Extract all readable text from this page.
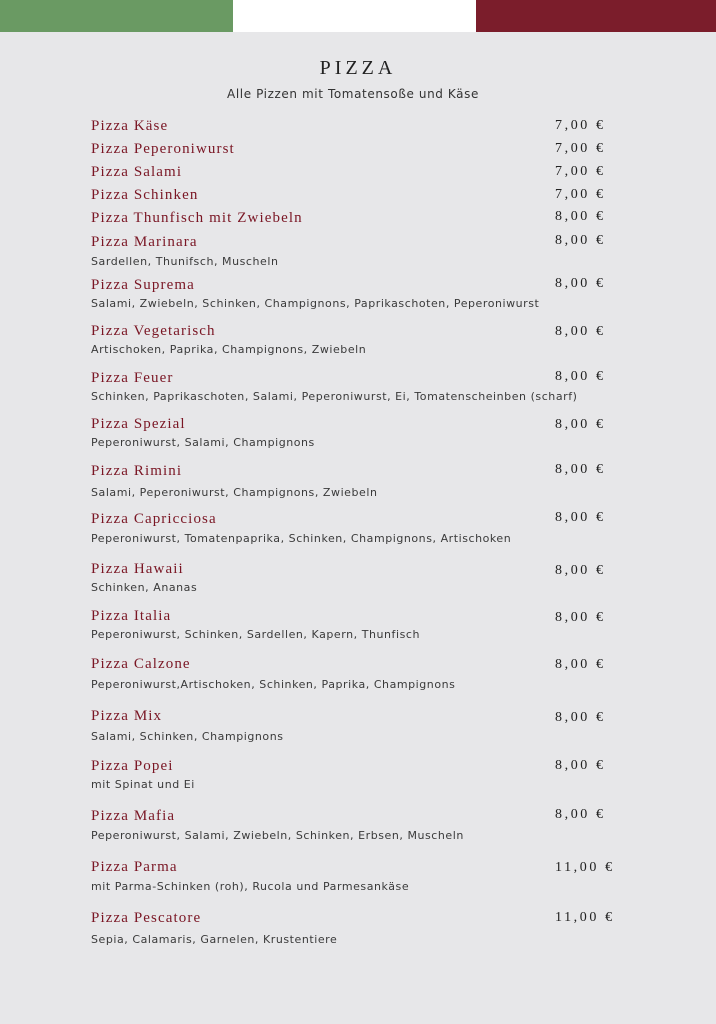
PIZZA
Alle Pizzen mit Tomatensoße und Käse
Pizza Käse	7,00 €
Pizza Peperoniwurst	7,00 €
Pizza Salami	7,00 €
Pizza Schinken	7,00 €
Pizza Thunfisch mit Zwiebeln	8,00 €
Pizza Marinara	8,00 €
Sardellen, Thunifsch, Muscheln
Pizza Suprema	8,00 €
Salami, Zwiebeln, Schinken, Champignons, Paprikaschoten, Peperoniwurst
Pizza Vegetarisch	8,00 €
Artischoken, Paprika, Champignons, Zwiebeln
Pizza Feuer	8,00 €
Schinken, Paprikaschoten, Salami, Peperoniwurst, Ei, Tomatenscheinben (scharf)
Pizza Spezial	8,00 €
Peperoniwurst, Salami, Champignons
Pizza Rimini	8,00 €
Salami, Peperoniwurst, Champignons, Zwiebeln
Pizza Capricciosa	8,00 €
Peperoniwurst, Tomatenpaprika, Schinken, Champignons, Artischoken
Pizza Hawaii	8,00 €
Schinken, Ananas
Pizza Italia	8,00 €
Peperoniwurst, Schinken, Sardellen, Kapern, Thunfisch
Pizza Calzone	8,00 €
Peperoniwurst,Artischoken, Schinken, Paprika, Champignons
Pizza Mix	8,00 €
Salami, Schinken, Champignons
Pizza Popei	8,00 €
mit Spinat und Ei
Pizza Mafia	8,00 €
Peperoniwurst, Salami, Zwiebeln, Schinken, Erbsen, Muscheln
Pizza Parma	11,00 €
mit Parma-Schinken (roh), Rucola und Parmesankäse
Pizza Pescatore	11,00 €
Sepia, Calamaris, Garnelen, Krustentiere
